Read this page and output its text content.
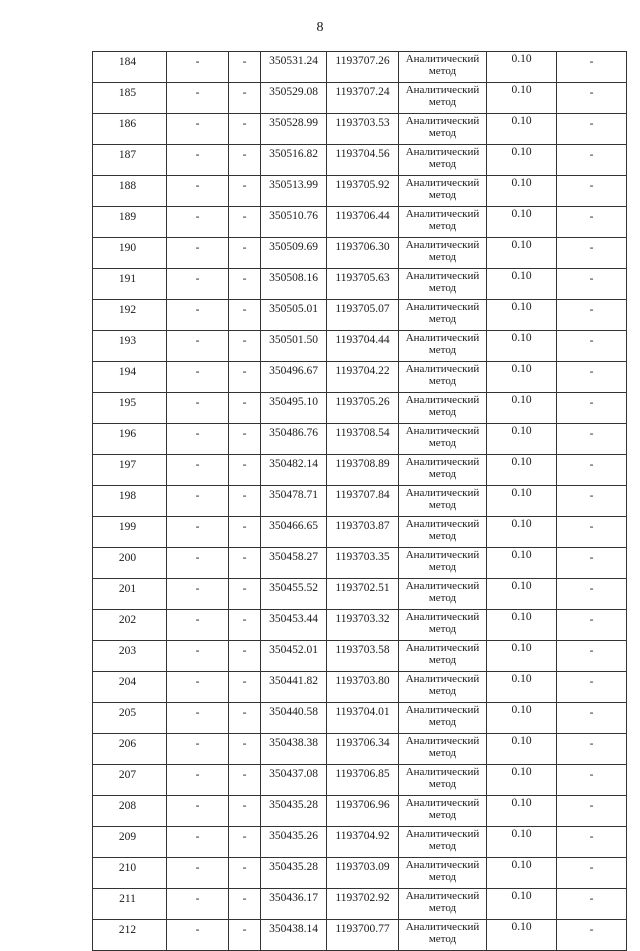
8
184	-	-	350531.24	1193707.26	Аналитический метод	0.10	-
185	-	-	350529.08	1193707.24	Аналитический метод	0.10	-
186	-	-	350528.99	1193703.53	Аналитический метод	0.10	-
187	-	-	350516.82	1193704.56	Аналитический метод	0.10	-
188	-	-	350513.99	1193705.92	Аналитический метод	0.10	-
189	-	-	350510.76	1193706.44	Аналитический метод	0.10	-
190	-	-	350509.69	1193706.30	Аналитический метод	0.10	-
191	-	-	350508.16	1193705.63	Аналитический метод	0.10	-
192	-	-	350505.01	1193705.07	Аналитический метод	0.10	-
193	-	-	350501.50	1193704.44	Аналитический метод	0.10	-
194	-	-	350496.67	1193704.22	Аналитический метод	0.10	-
195	-	-	350495.10	1193705.26	Аналитический метод	0.10	-
196	-	-	350486.76	1193708.54	Аналитический метод	0.10	-
197	-	-	350482.14	1193708.89	Аналитический метод	0.10	-
198	-	-	350478.71	1193707.84	Аналитический метод	0.10	-
199	-	-	350466.65	1193703.87	Аналитический метод	0.10	-
200	-	-	350458.27	1193703.35	Аналитический метод	0.10	-
201	-	-	350455.52	1193702.51	Аналитический метод	0.10	-
202	-	-	350453.44	1193703.32	Аналитический метод	0.10	-
203	-	-	350452.01	1193703.58	Аналитический метод	0.10	-
204	-	-	350441.82	1193703.80	Аналитический метод	0.10	-
205	-	-	350440.58	1193704.01	Аналитический метод	0.10	-
206	-	-	350438.38	1193706.34	Аналитический метод	0.10	-
207	-	-	350437.08	1193706.85	Аналитический метод	0.10	-
208	-	-	350435.28	1193706.96	Аналитический метод	0.10	-
209	-	-	350435.26	1193704.92	Аналитический метод	0.10	-
210	-	-	350435.28	1193703.09	Аналитический метод	0.10	-
211	-	-	350436.17	1193702.92	Аналитический метод	0.10	-
212	-	-	350438.14	1193700.77	Аналитический метод	0.10	-
